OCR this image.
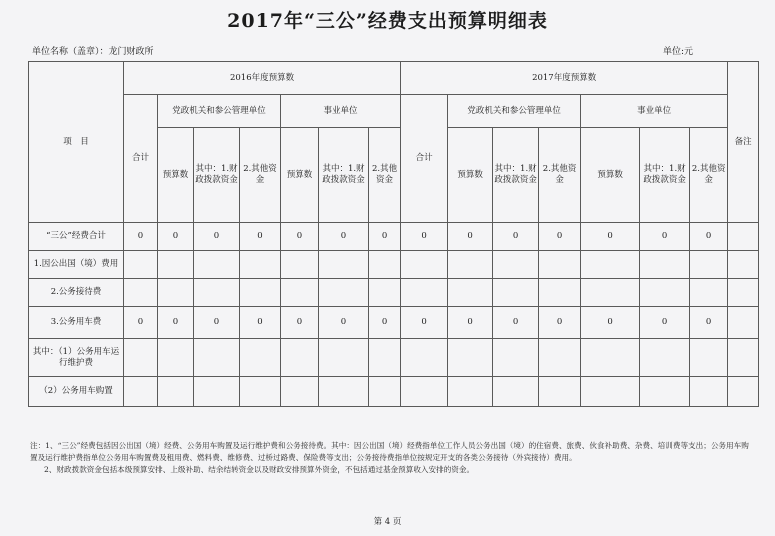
2017年“三公”经费支出预算明细表
单位名称（盖章）：龙门财政所	单位:元
项　目	2016年度预算数							2017年度预算数							备注
	合计	党政机关和参公管理单位			事业单位			合计	党政机关和参公管理单位			事业单位			
		预算数	其中：1.财政拨款资金	2.其他资金	预算数	其中：1.财政拨款资金	2.其他资金		预算数	其中：1.财政拨款资金	2.其他资金	预算数	其中：1.财政拨款资金	2.其他资金	
“三公”经费合计	0	0	0	0	0	0	0	0	0	0	0	0	0	0	
1.因公出国（境）费用															
2.公务接待费															
3.公务用车费	0	0	0	0	0	0	0	0	0	0	0	0	0	0	
其中：（1）公务用车运行维护费															
（2）公务用车购置															

注：1、“三公”经费包括因公出国（境）经费、公务用车购置及运行维护费和公务接待费。其中：因公出国（境）经费指单位工作人员公务出国（境）的住宿费、旅费、伙食补助费、杂费、培训费等支出；公务用车购置及运行维护费指单位公务用车购置费及租用费、燃料费、维修费、过桥过路费、保险费等支出；公务接待费指单位按规定开支的各类公务接待（外宾接待）费用。

2、财政拨款资金包括本级预算安排、上级补助、结余结转资金以及财政安排预算外资金，不包括通过基金预算收入安排的资金。

第 4 页
